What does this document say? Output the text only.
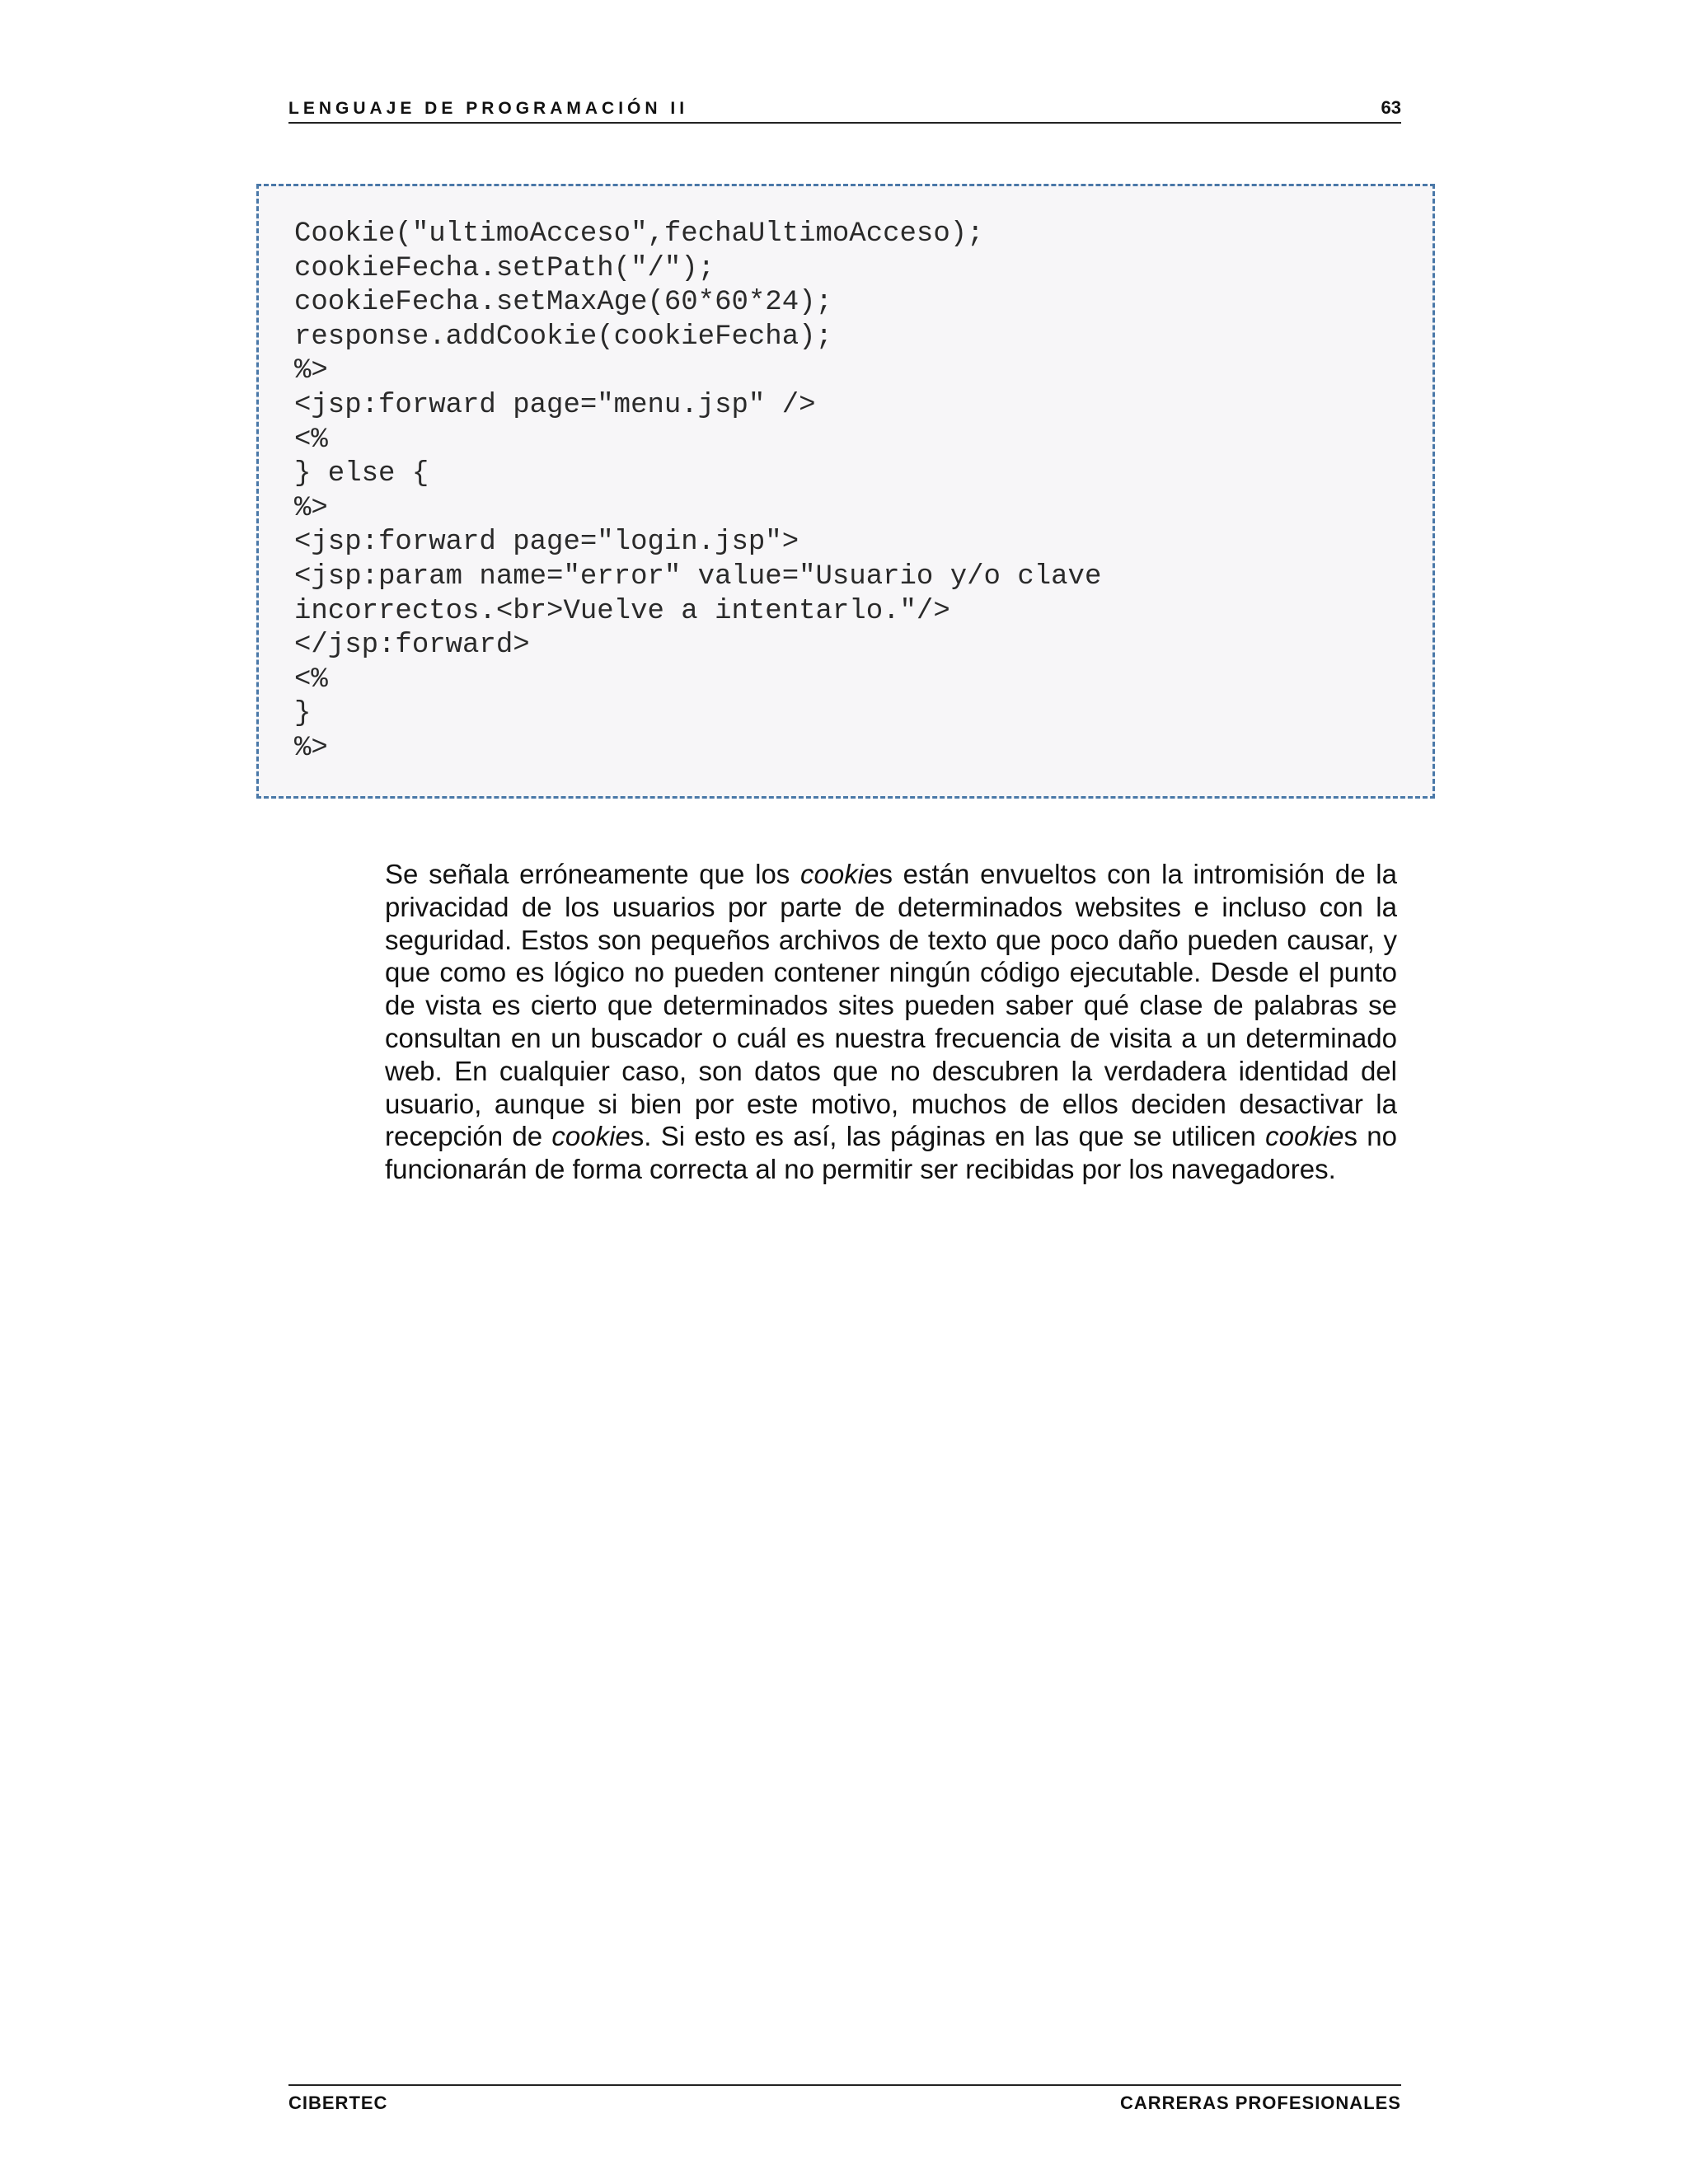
LENGUAJE DE PROGRAMACIÓN II	63
Cookie("ultimoAcceso",fechaUltimoAcceso);
cookieFecha.setPath("/");
cookieFecha.setMaxAge(60*60*24);
response.addCookie(cookieFecha);
%>
<jsp:forward page="menu.jsp" />
<%
} else {
%>
<jsp:forward page="login.jsp">
<jsp:param name="error" value="Usuario y/o clave
incorrectos.<br>Vuelve a intentarlo."/>
</jsp:forward>
<%
}
%>

Se señala erróneamente que los cookies están envueltos con la intromisión de la privacidad de los usuarios por parte de determinados websites e incluso con la seguridad. Estos son pequeños archivos de texto que poco daño pueden causar, y que como es lógico no pueden contener ningún código ejecutable. Desde el punto de vista es cierto que determinados sites pueden saber qué clase de palabras se consultan en un buscador o cuál es nuestra frecuencia de visita a un determinado web. En cualquier caso, son datos que no descubren la verdadera identidad del usuario, aunque si bien por este motivo, muchos de ellos deciden desactivar la recepción de cookies. Si esto es así, las páginas en las que se utilicen cookies no funcionarán de forma correcta al no permitir ser recibidas por los navegadores.

CIBERTEC	CARRERAS PROFESIONALES
